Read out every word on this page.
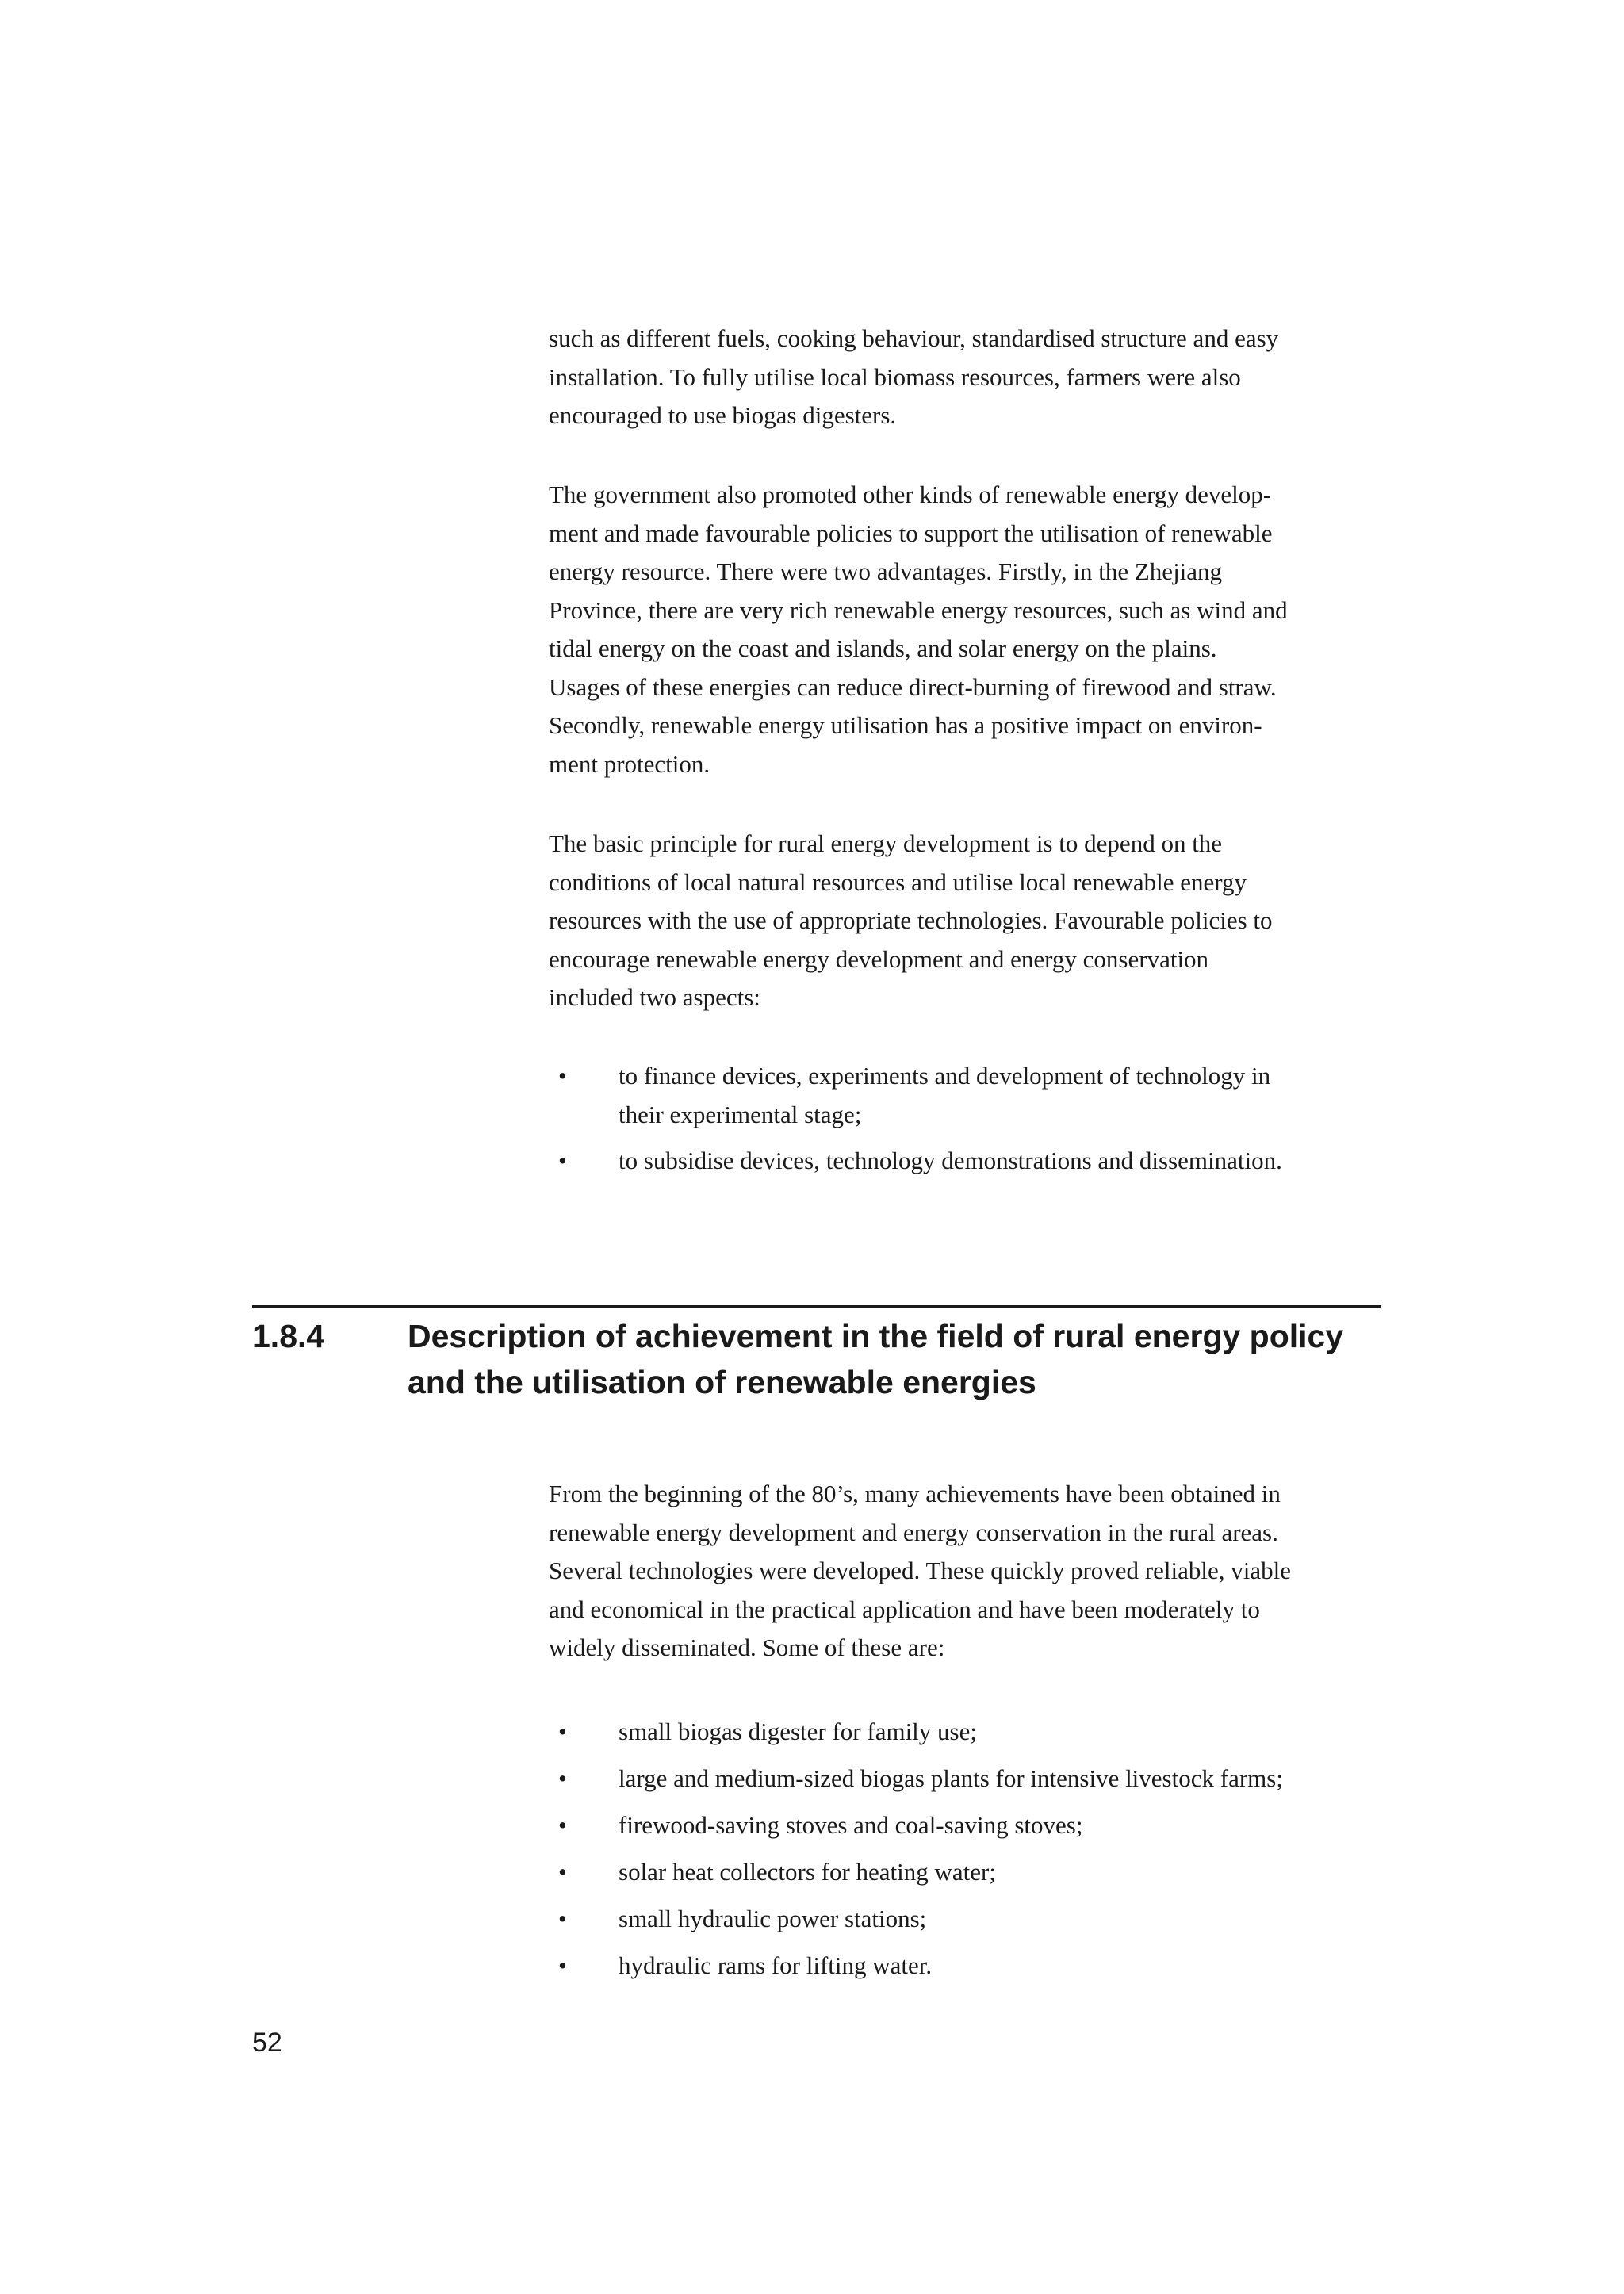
such as different fuels, cooking behaviour, standardised structure and easy
installation. To fully utilise local biomass resources, farmers were also
encouraged to use biogas digesters.

The government also promoted other kinds of renewable energy develop-
ment and made favourable policies to support the utilisation of renewable
energy resource. There were two advantages. Firstly, in the Zhejiang
Province, there are very rich renewable energy resources, such as wind and
tidal energy on the coast and islands, and solar energy on the plains.
Usages of these energies can reduce direct-burning of firewood and straw.
Secondly, renewable energy utilisation has a positive impact on environ-
ment protection.

The basic principle for rural energy development is to depend on the
conditions of local natural resources and utilise local renewable energy
resources with the use of appropriate technologies. Favourable policies to
encourage renewable energy development and energy conservation
included two aspects:

• to finance devices, experiments and development of technology in
their experimental stage;
• to subsidise devices, technology demonstrations and dissemination.
1.8.4	Description of achievement in the field of rural energy policy
and the utilisation of renewable energies

From the beginning of the 80’s, many achievements have been obtained in
renewable energy development and energy conservation in the rural areas.
Several technologies were developed. These quickly proved reliable, viable
and economical in the practical application and have been moderately to
widely disseminated. Some of these are:

• small biogas digester for family use;
• large and medium-sized biogas plants for intensive livestock farms;
• firewood-saving stoves and coal-saving stoves;
• solar heat collectors for heating water;
• small hydraulic power stations;
• hydraulic rams for lifting water.
52
